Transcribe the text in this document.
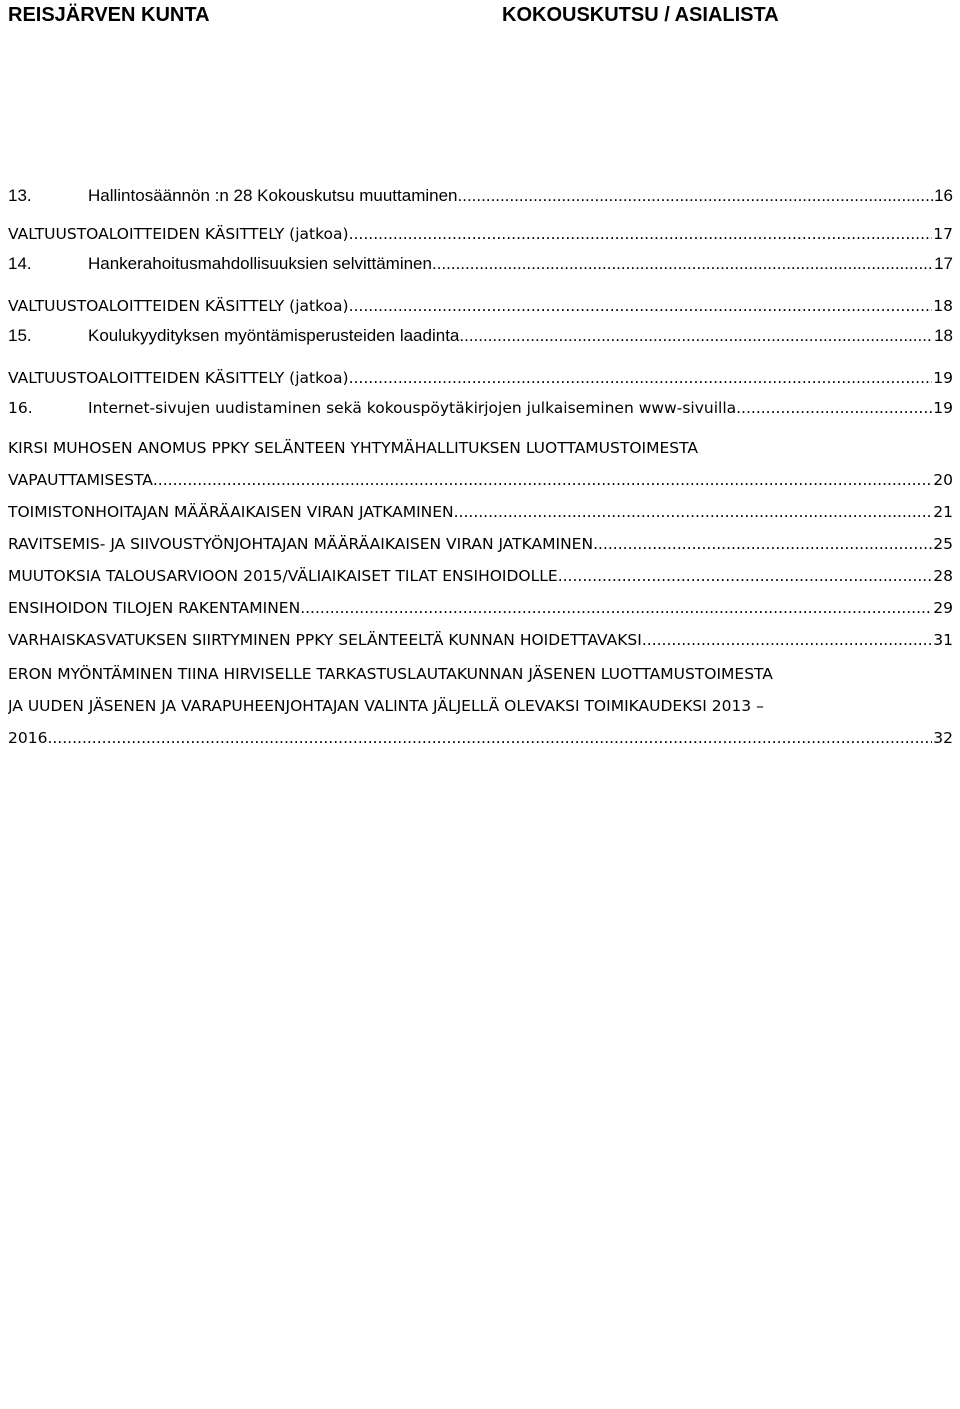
REISJÄRVEN KUNTA	KOKOUSKUTSU / ASIALISTA
13.	Hallintosäännön :n 28 Kokouskutsu muuttaminen .....	16
VALTUUSTOALOITTEIDEN KÄSITTELY (jatkoa) .....	17
14.	Hankerahoitusmahdollisuuksien selvittäminen .....	17
VALTUUSTOALOITTEIDEN KÄSITTELY (jatkoa) .....	18
15.	Koulukyydityksen myöntämisperusteiden laadinta .....	18
VALTUUSTOALOITTEIDEN KÄSITTELY (jatkoa) .....	19
16.	Internet-sivujen uudistaminen sekä kokouspöytäkirjojen julkaiseminen www-sivuilla .....	19
KIRSI MUHOSEN ANOMUS PPKY SELÄNTEEN YHTYMÄHALLITUKSEN LUOTTAMUSTOIMESTA
VAPAUTTAMISESTA .....	20
TOIMISTONHOITAJAN MÄÄRÄAIKAISEN VIRAN JATKAMINEN .....	21
RAVITSEMIS- JA SIIVOUSTYÖNJOHTAJAN MÄÄRÄAIKAISEN VIRAN JATKAMINEN .....	25
MUUTOKSIA TALOUSARVIOON 2015/VÄLIAIKAISET TILAT ENSIHOIDOLLE .....	28
ENSIHOIDON TILOJEN RAKENTAMINEN .....	29
VARHAISKASVATUKSEN SIIRTYMINEN PPKY SELÄNTEELTÄ KUNNAN HOIDETTAVAKSI .....	31
ERON MYÖNTÄMINEN TIINA HIRVISELLE TARKASTUSLAUTAKUNNAN JÄSENEN LUOTTAMUSTOIMESTA
JA UUDEN JÄSENEN JA VARAPUHEENJOHTAJAN VALINTA JÄLJELLÄ OLEVAKSI TOIMIKAUDEKSI 2013 –
2016 .....	32
